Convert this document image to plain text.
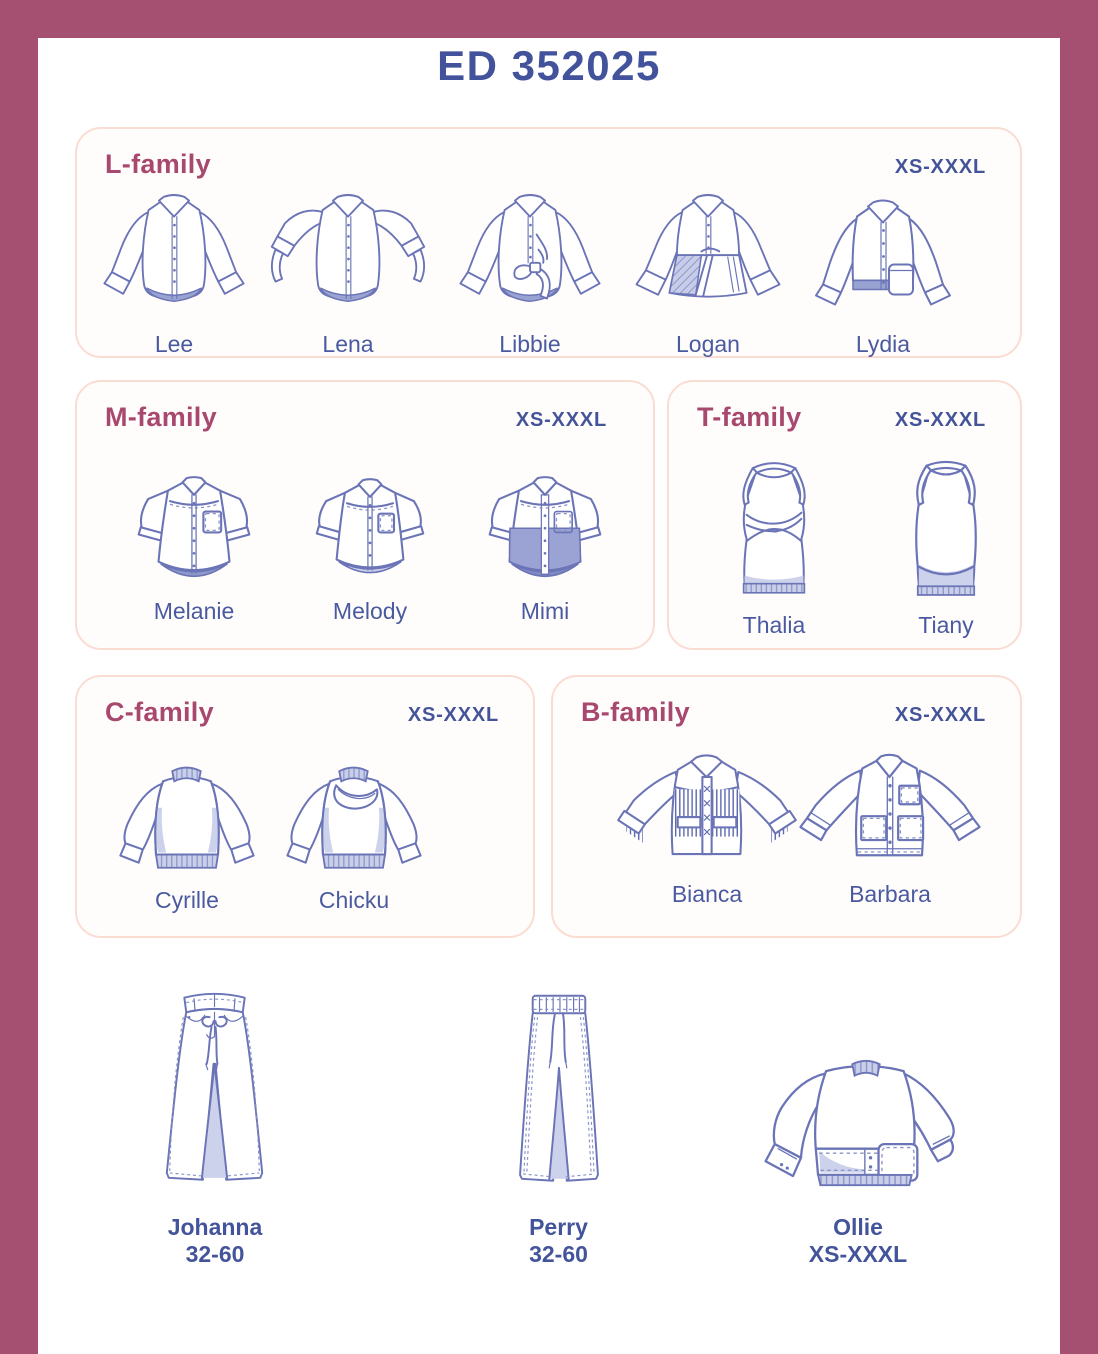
ED 352025
L-family	XS-XXXL
Lee	Lena	Libbie	Logan	Lydia
M-family	XS-XXXL
Melanie	Melody	Mimi
T-family	XS-XXXL
Thalia	Tiany
C-family	XS-XXXL
Cyrille	Chicku
B-family	XS-XXXL
Bianca	Barbara
Johanna
32-60
Perry
32-60
Ollie
XS-XXXL
